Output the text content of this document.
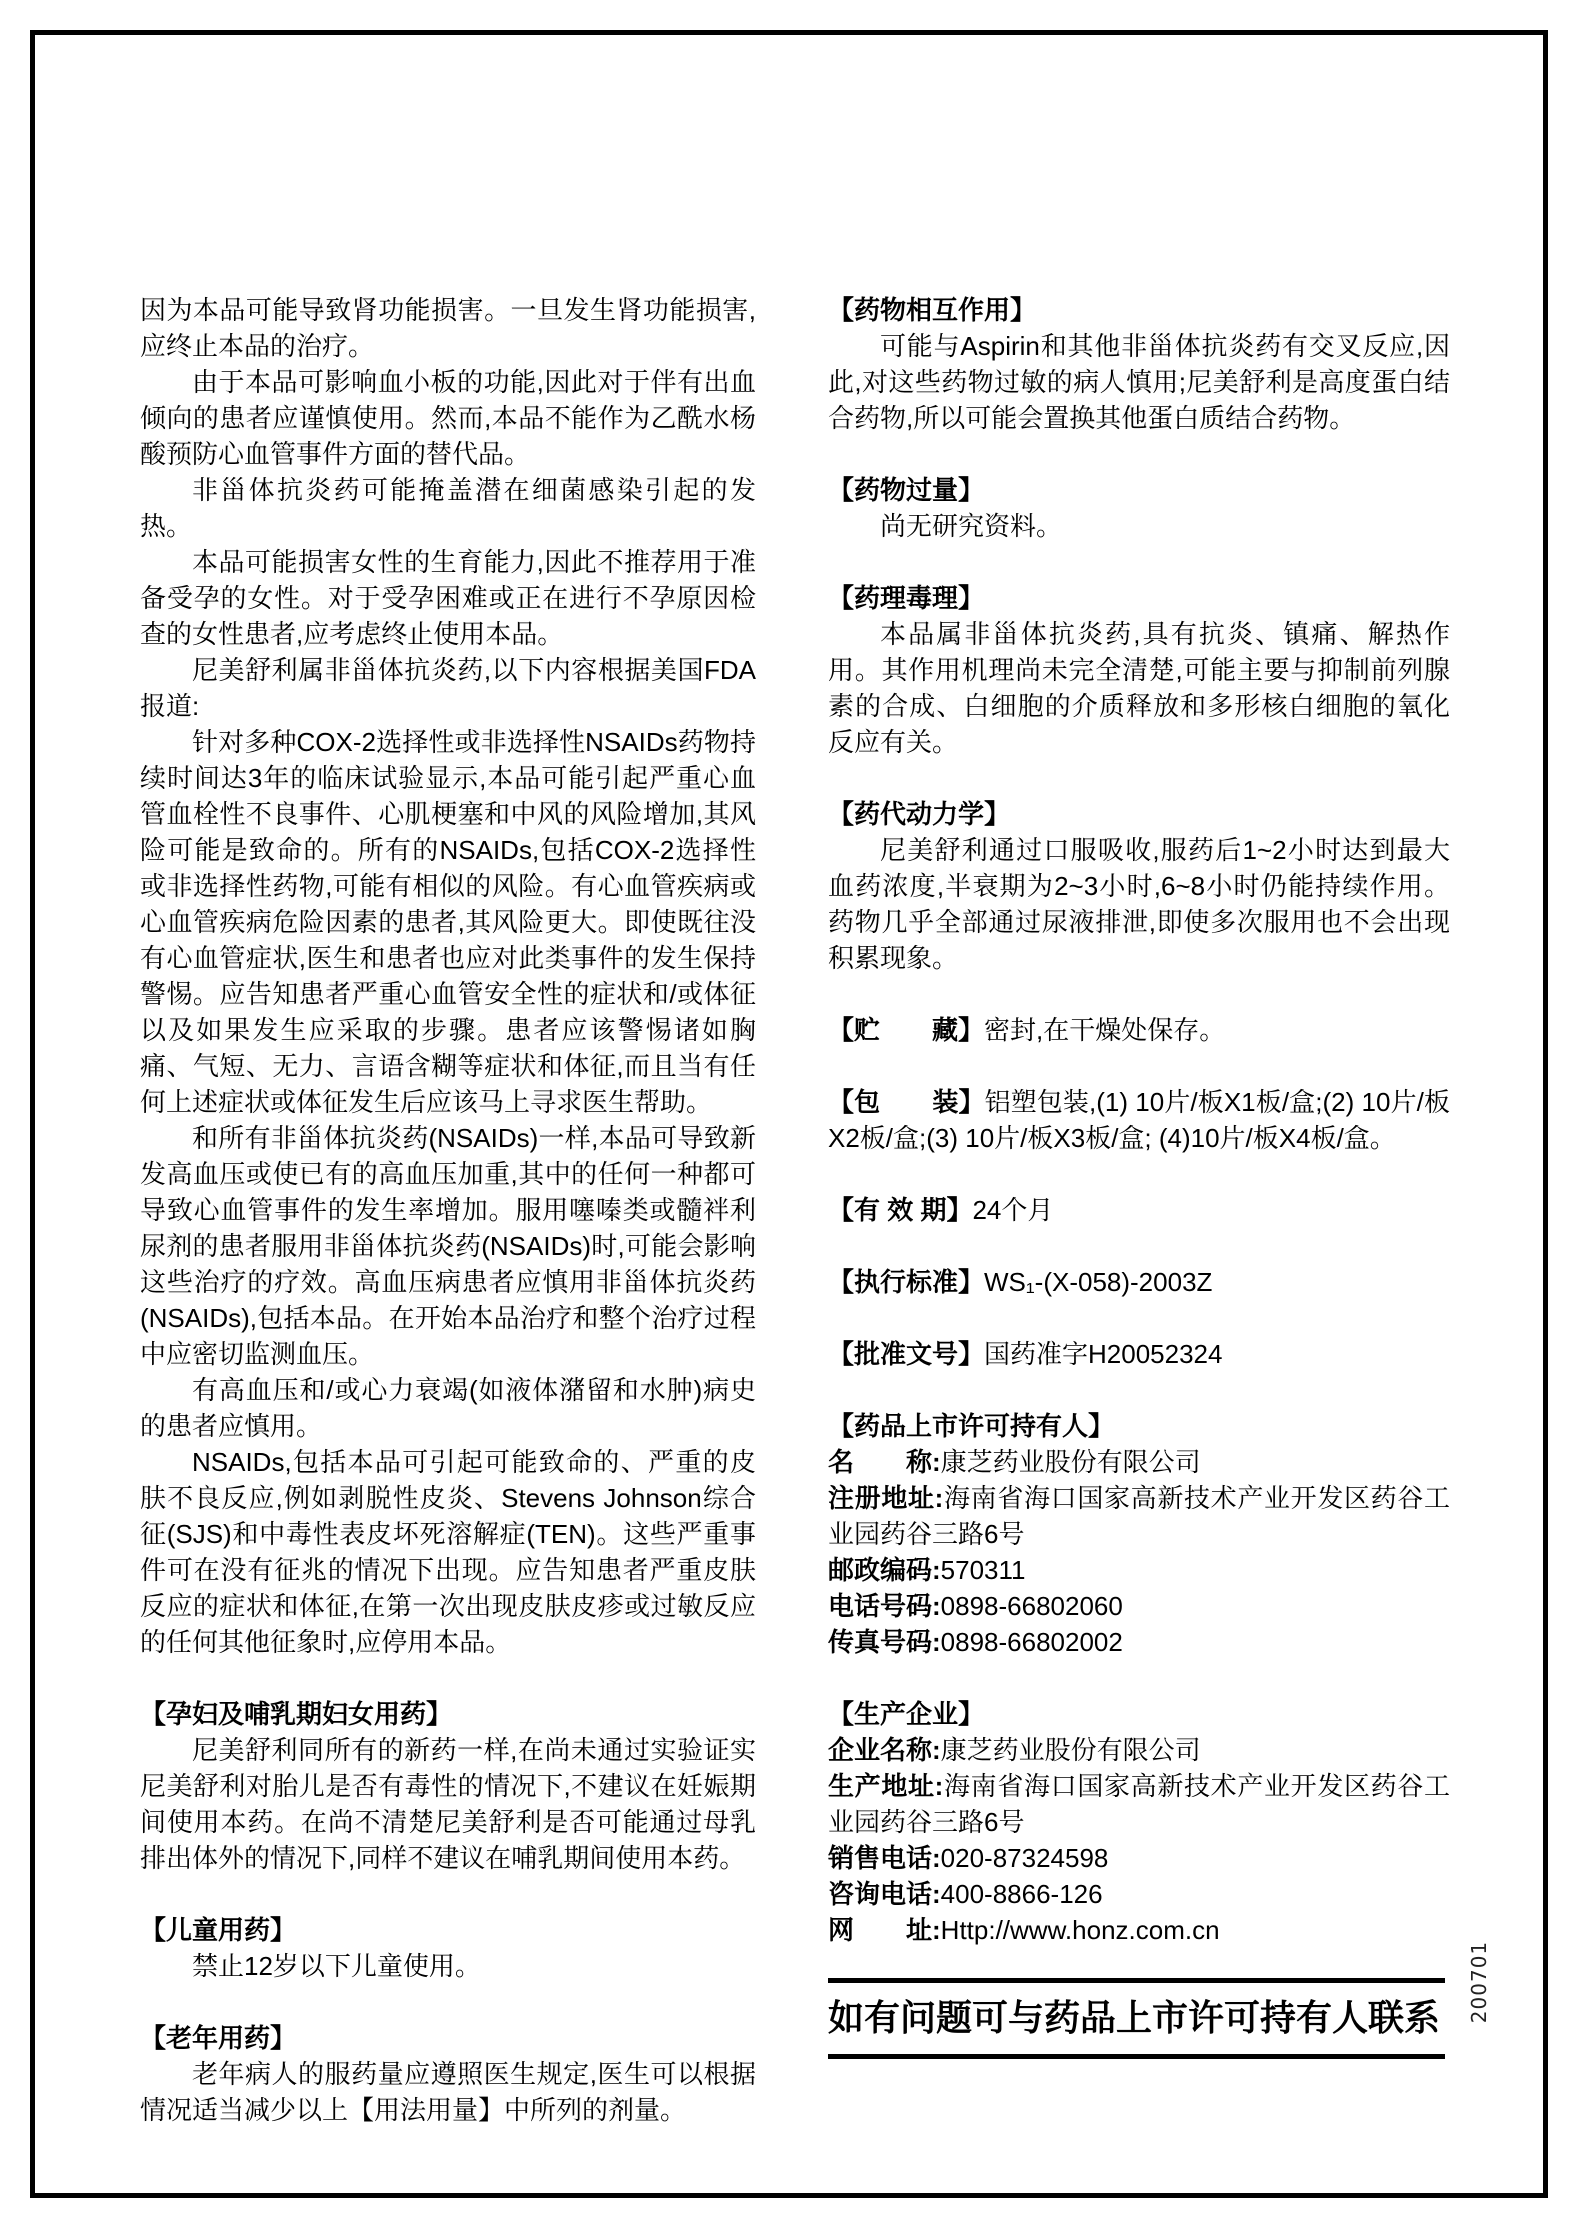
因为本品可能导致肾功能损害。一旦发生肾功能损害,应终止本品的治疗。
由于本品可影响血小板的功能,因此对于伴有出血倾向的患者应谨慎使用。然而,本品不能作为乙酰水杨酸预防心血管事件方面的替代品。
非甾体抗炎药可能掩盖潜在细菌感染引起的发热。
本品可能损害女性的生育能力,因此不推荐用于准备受孕的女性。对于受孕困难或正在进行不孕原因检查的女性患者,应考虑终止使用本品。
尼美舒利属非甾体抗炎药,以下内容根据美国FDA报道:
针对多种COX-2选择性或非选择性NSAIDs药物持续时间达3年的临床试验显示,本品可能引起严重心血管血栓性不良事件、心肌梗塞和中风的风险增加,其风险可能是致命的。所有的NSAIDs,包括COX-2选择性或非选择性药物,可能有相似的风险。有心血管疾病或心血管疾病危险因素的患者,其风险更大。即使既往没有心血管症状,医生和患者也应对此类事件的发生保持警惕。应告知患者严重心血管安全性的症状和/或体征以及如果发生应采取的步骤。患者应该警惕诸如胸痛、气短、无力、言语含糊等症状和体征,而且当有任何上述症状或体征发生后应该马上寻求医生帮助。
和所有非甾体抗炎药(NSAIDs)一样,本品可导致新发高血压或使已有的高血压加重,其中的任何一种都可导致心血管事件的发生率增加。服用噻嗪类或髓袢利尿剂的患者服用非甾体抗炎药(NSAIDs)时,可能会影响这些治疗的疗效。高血压病患者应慎用非甾体抗炎药(NSAIDs),包括本品。在开始本品治疗和整个治疗过程中应密切监测血压。
有高血压和/或心力衰竭(如液体潴留和水肿)病史的患者应慎用。
NSAIDs,包括本品可引起可能致命的、严重的皮肤不良反应,例如剥脱性皮炎、Stevens Johnson综合征(SJS)和中毒性表皮坏死溶解症(TEN)。这些严重事件可在没有征兆的情况下出现。应告知患者严重皮肤反应的症状和体征,在第一次出现皮肤皮疹或过敏反应的任何其他征象时,应停用本品。
【孕妇及哺乳期妇女用药】
尼美舒利同所有的新药一样,在尚未通过实验证实尼美舒利对胎儿是否有毒性的情况下,不建议在妊娠期间使用本药。在尚不清楚尼美舒利是否可能通过母乳排出体外的情况下,同样不建议在哺乳期间使用本药。
【儿童用药】
禁止12岁以下儿童使用。
【老年用药】
老年病人的服药量应遵照医生规定,医生可以根据情况适当减少以上【用法用量】中所列的剂量。
【药物相互作用】
可能与Aspirin和其他非甾体抗炎药有交叉反应,因此,对这些药物过敏的病人慎用;尼美舒利是高度蛋白结合药物,所以可能会置换其他蛋白质结合药物。
【药物过量】
尚无研究资料。
【药理毒理】
本品属非甾体抗炎药,具有抗炎、镇痛、解热作用。其作用机理尚未完全清楚,可能主要与抑制前列腺素的合成、白细胞的介质释放和多形核白细胞的氧化反应有关。
【药代动力学】
尼美舒利通过口服吸收,服药后1~2小时达到最大血药浓度,半衰期为2~3小时,6~8小时仍能持续作用。药物几乎全部通过尿液排泄,即使多次服用也不会出现积累现象。
【贮　　藏】密封,在干燥处保存。
【包　　装】铝塑包装,(1) 10片/板X1板/盒;(2) 10片/板X2板/盒;(3) 10片/板X3板/盒; (4)10片/板X4板/盒。
【有 效 期】24个月
【执行标准】WS₁-(X-058)-2003Z
【批准文号】国药准字H20052324
【药品上市许可持有人】
名　　称:康芝药业股份有限公司
注册地址:海南省海口国家高新技术产业开发区药谷工业园药谷三路6号
邮政编码:570311
电话号码:0898-66802060
传真号码:0898-66802002
【生产企业】
企业名称:康芝药业股份有限公司
生产地址:海南省海口国家高新技术产业开发区药谷工业园药谷三路6号
销售电话:020-87324598
咨询电话:400-8866-126
网　　址:Http://www.honz.com.cn
如有问题可与药品上市许可持有人联系 200701
